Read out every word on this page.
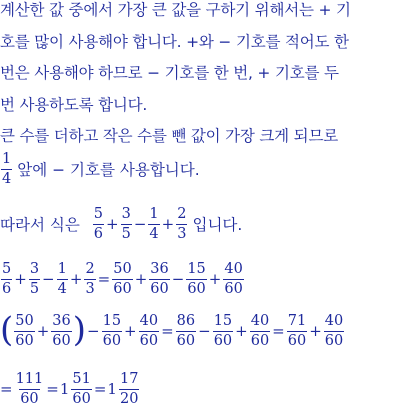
계산한 값 중에서 가장 큰 값을 구하기 위해서는 + 기
호를 많이 사용해야 합니다. +와 − 기호를 적어도 한
번은 사용해야 하므로 − 기호를 한 번, + 기호를 두
번 사용하도록 합니다.
큰 수를 더하고 작은 수를 뺀 값이 가장 크게 되므로
$\frac{1}{4}$ 앞에 − 기호를 사용합니다.
따라서 식은 $\frac{5}{6} + \frac{3}{5} - \frac{1}{4} + \frac{2}{3}$ 입니다.
$\frac{5}{6} + \frac{3}{5} - \frac{1}{4} + \frac{2}{3} = \frac{50}{60} + \frac{36}{60} - \frac{15}{60} + \frac{40}{60}$
( $\frac{50}{60} + \frac{36}{60}$ ) − $\frac{15}{60} + \frac{40}{60} = \frac{86}{60} - \frac{15}{60} + \frac{40}{60} = \frac{71}{60} + \frac{40}{60}$
= $\frac{111}{60} = 1 \frac{51}{60} = 1 \frac{17}{20}$
